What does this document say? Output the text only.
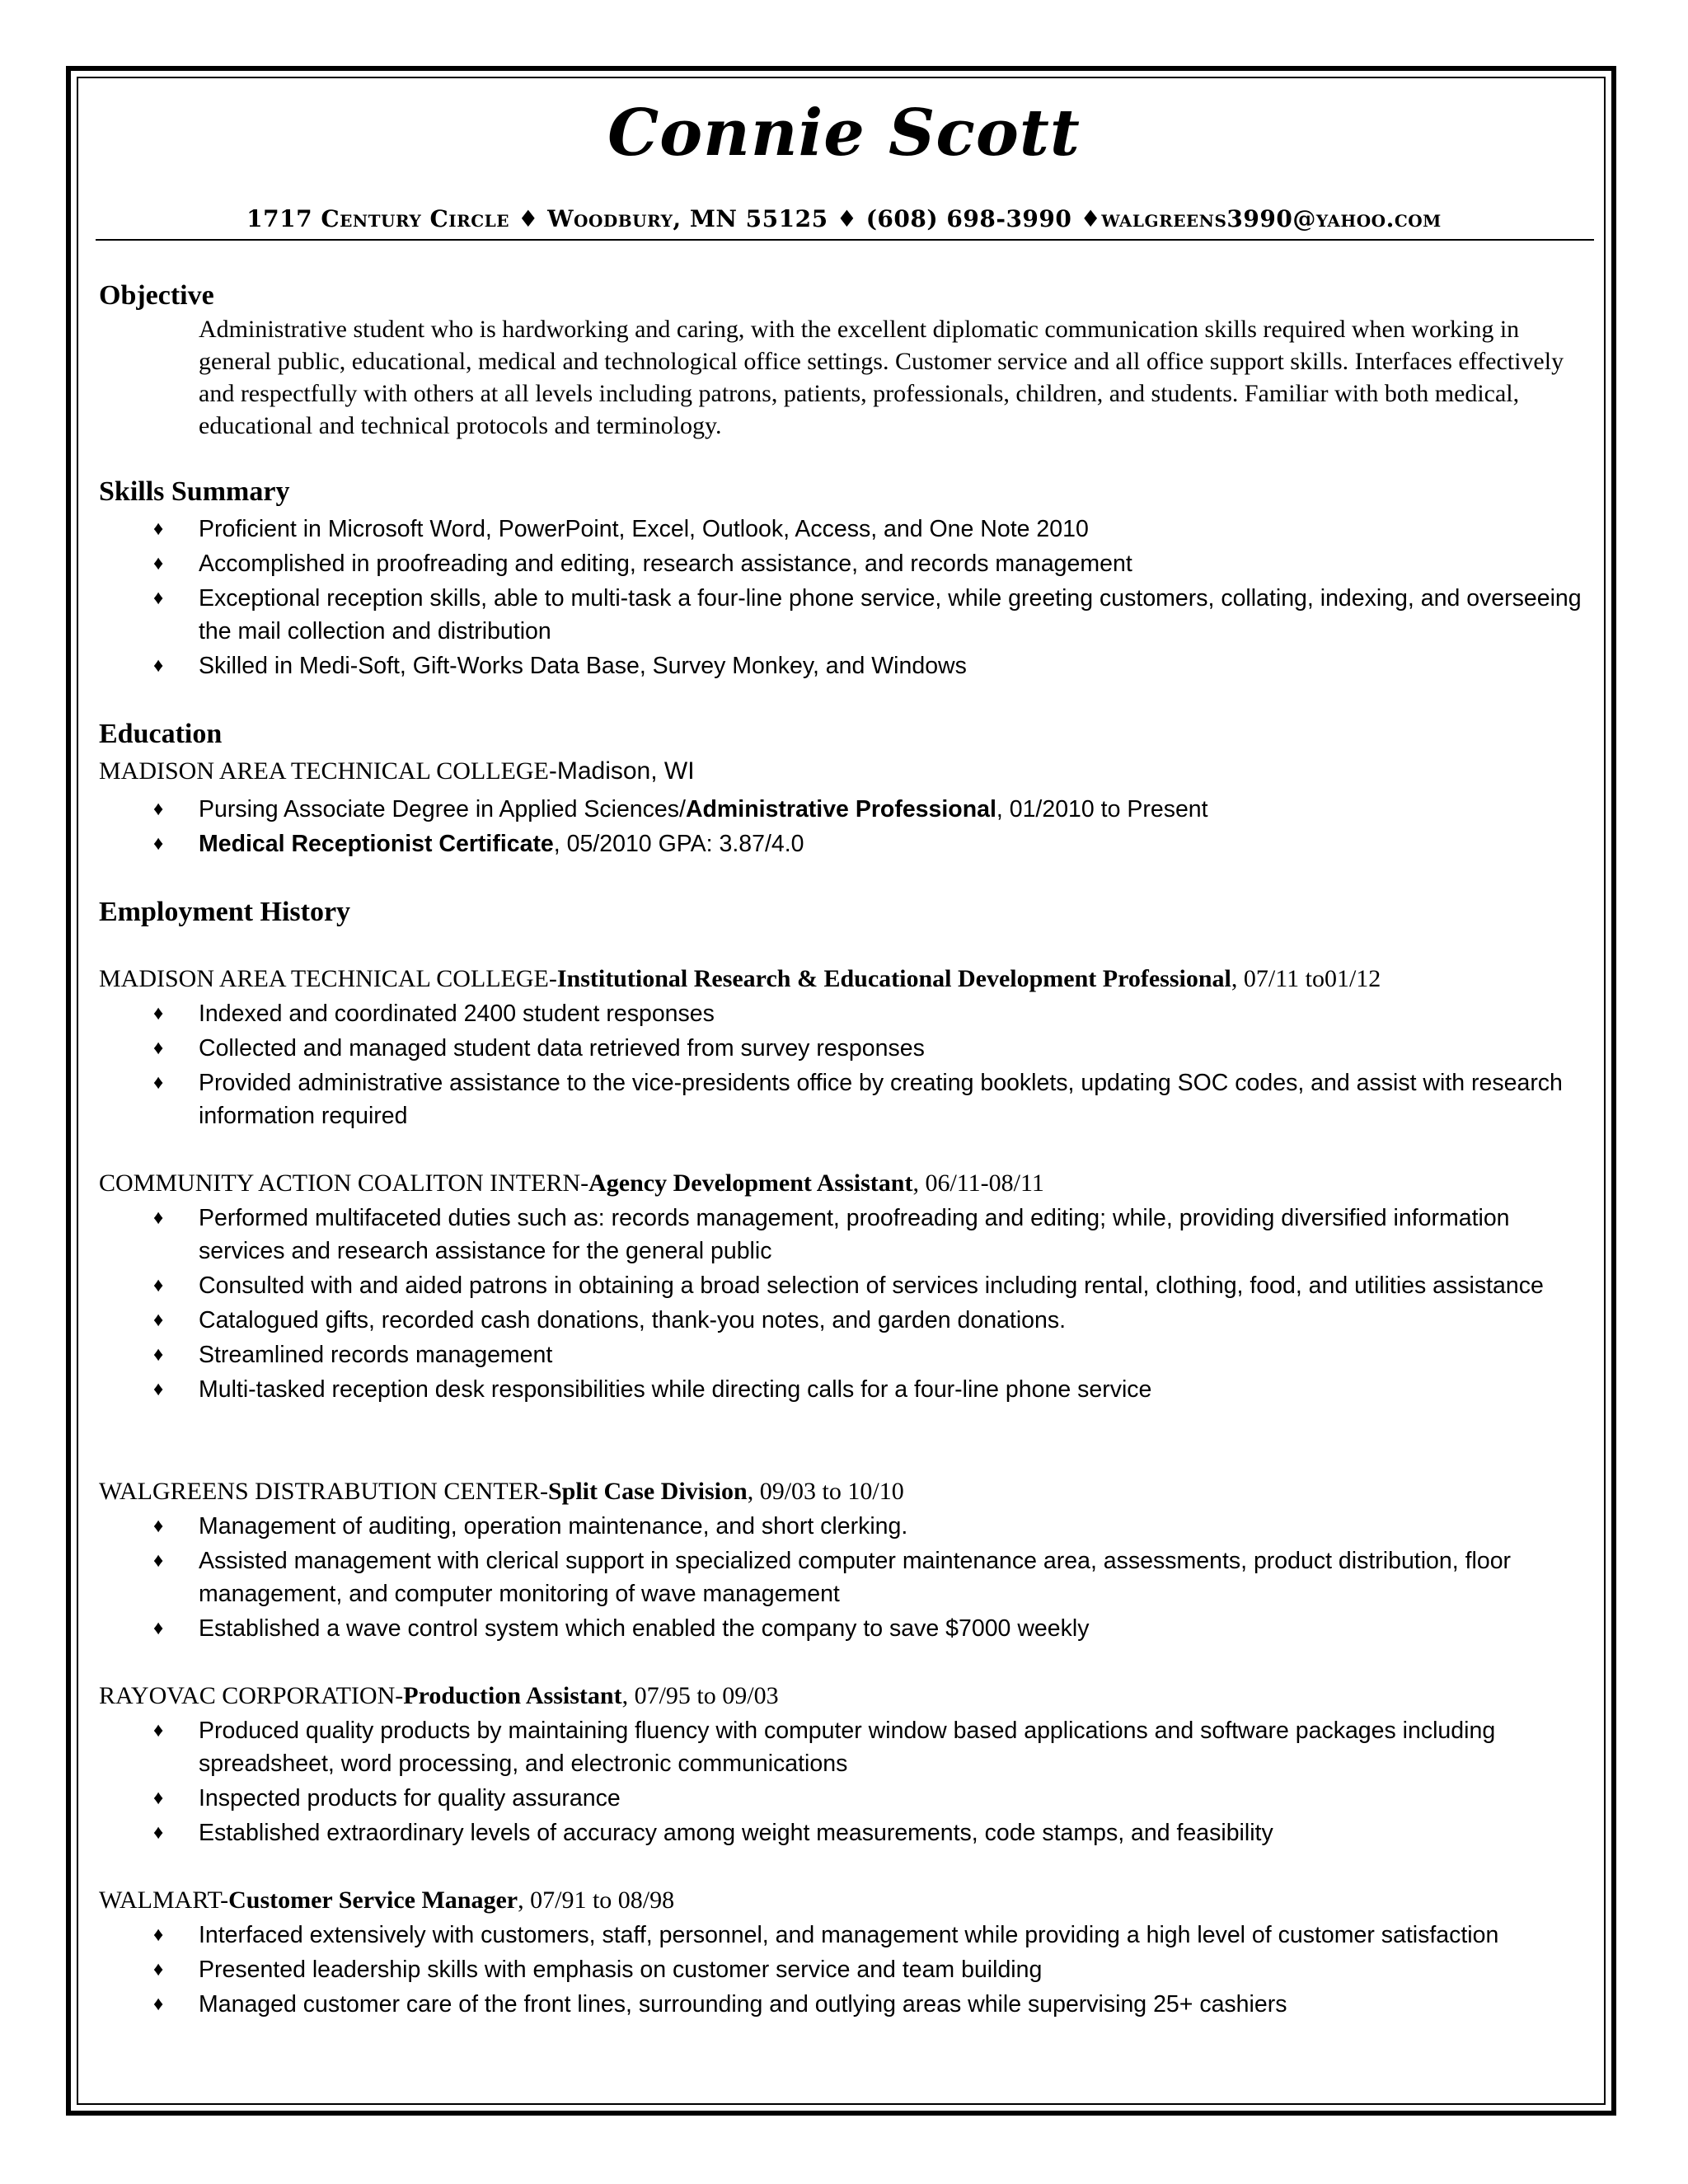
Connie Scott
1717 Century Circle ♦ Woodbury, MN 55125 ♦ (608) 698-3990 ♦walgreens3990@yahoo.com
Objective

Administrative student who is hardworking and caring, with the excellent diplomatic communication skills required when working in general public, educational, medical and technological office settings. Customer service and all office support skills. Interfaces effectively and respectfully with others at all levels including patrons, patients, professionals, children, and students. Familiar with both medical, educational and technical protocols and terminology.

Skills Summary
♦ Proficient in Microsoft Word, PowerPoint, Excel, Outlook, Access, and One Note 2010
♦ Accomplished in proofreading and editing, research assistance, and records management
♦ Exceptional reception skills, able to multi-task a four-line phone service, while greeting customers, collating, indexing, and overseeing the mail collection and distribution
♦ Skilled in Medi-Soft, Gift-Works Data Base, Survey Monkey, and Windows
Education
MADISON AREA TECHNICAL COLLEGE-Madison, WI
♦ Pursing Associate Degree in Applied Sciences/Administrative Professional, 01/2010 to Present
♦ Medical Receptionist Certificate, 05/2010 GPA: 3.87/4.0
Employment History
MADISON AREA TECHNICAL COLLEGE-Institutional Research & Educational Development Professional, 07/11 to01/12
♦ Indexed and coordinated 2400 student responses
♦ Collected and managed student data retrieved from survey responses
♦ Provided administrative assistance to the vice-presidents office by creating booklets, updating SOC codes, and assist with research information required
COMMUNITY ACTION COALITON INTERN-Agency Development Assistant, 06/11-08/11
♦ Performed multifaceted duties such as: records management, proofreading and editing; while, providing diversified information services and research assistance for the general public
♦ Consulted with and aided patrons in obtaining a broad selection of services including rental, clothing, food, and utilities assistance
♦ Catalogued gifts, recorded cash donations, thank-you notes, and garden donations.
♦ Streamlined records management
♦ Multi-tasked reception desk responsibilities while directing calls for a four-line phone service
WALGREENS DISTRABUTION CENTER-Split Case Division, 09/03 to 10/10
♦ Management of auditing, operation maintenance, and short clerking.
♦ Assisted management with clerical support in specialized computer maintenance area, assessments, product distribution, floor management, and computer monitoring of wave management
♦ Established a wave control system which enabled the company to save $7000 weekly
RAYOVAC CORPORATION-Production Assistant, 07/95 to 09/03
♦ Produced quality products by maintaining fluency with computer window based applications and software packages including spreadsheet, word processing, and electronic communications
♦ Inspected products for quality assurance
♦ Established extraordinary levels of accuracy among weight measurements, code stamps, and feasibility
WALMART-Customer Service Manager, 07/91 to 08/98
♦ Interfaced extensively with customers, staff, personnel, and management while providing a high level of customer satisfaction
♦ Presented leadership skills with emphasis on customer service and team building
♦ Managed customer care of the front lines, surrounding and outlying areas while supervising 25+ cashiers
